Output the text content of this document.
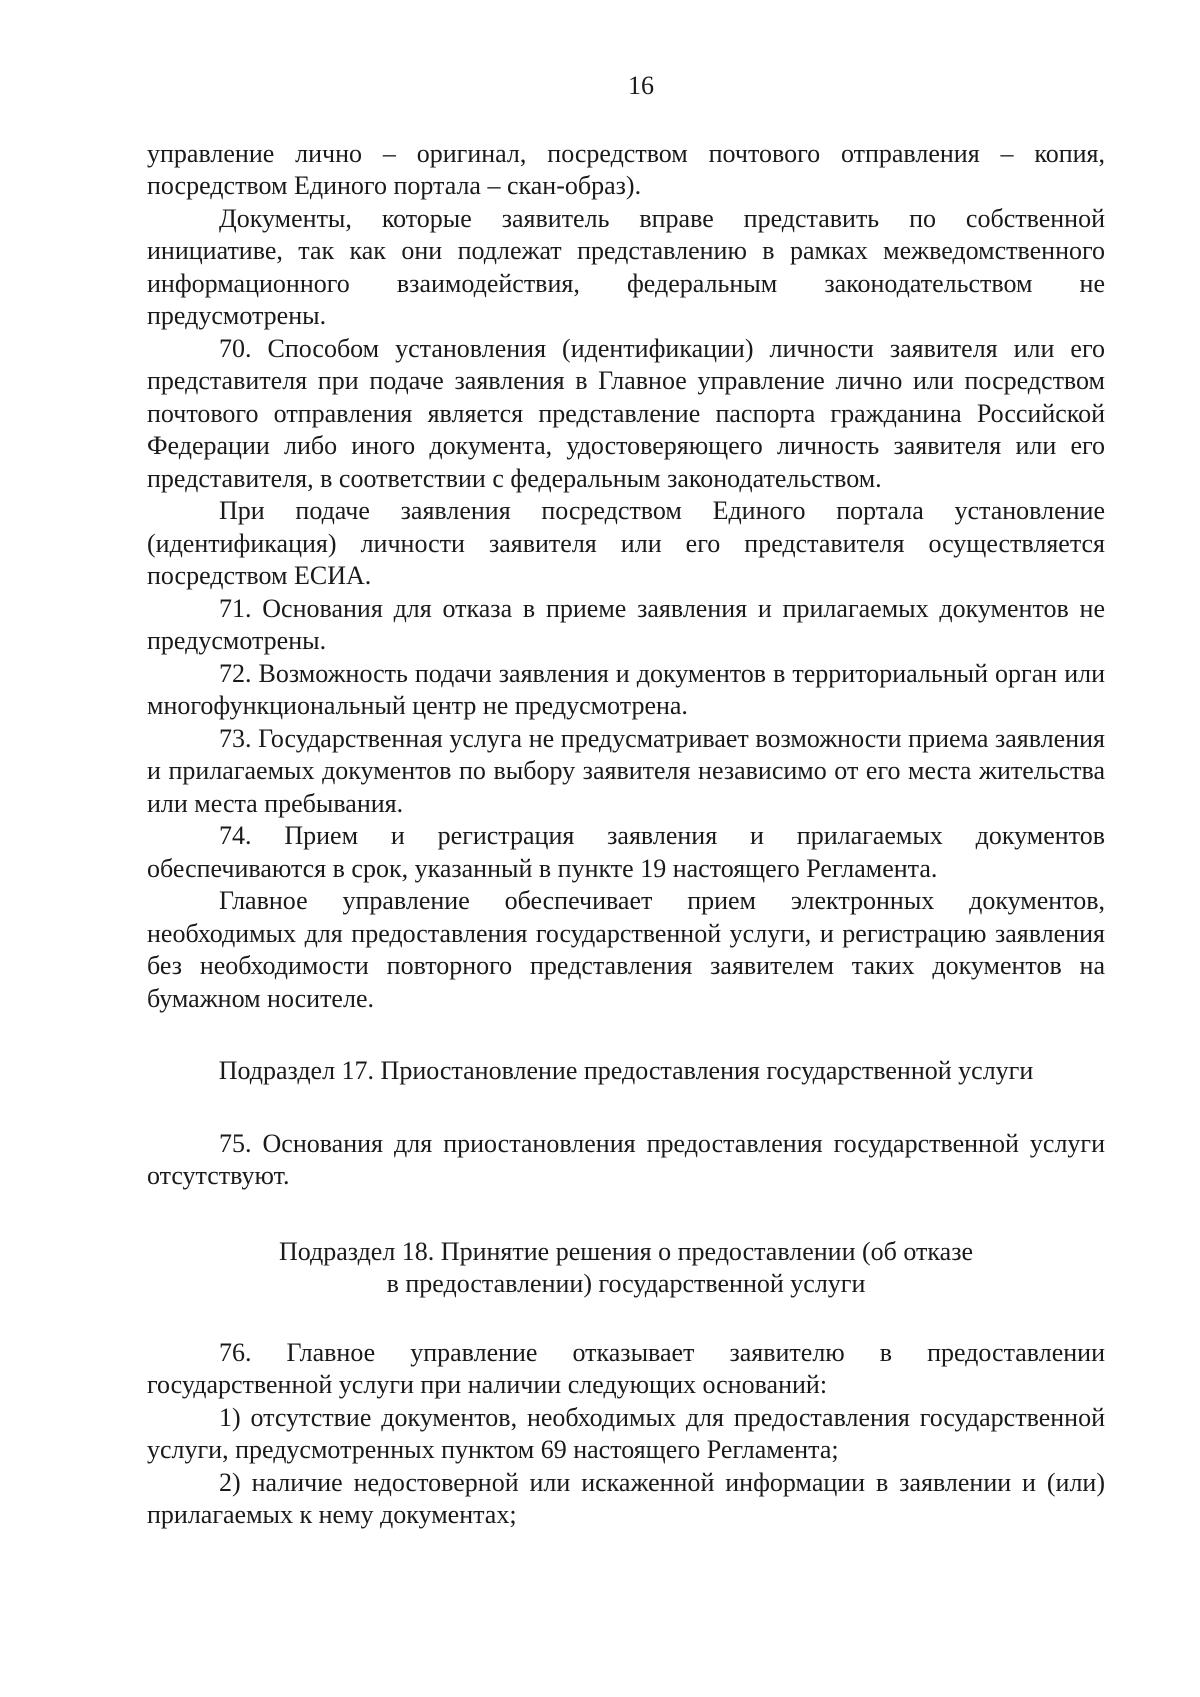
16

управление лично – оригинал, посредством почтового отправления – копия, посредством Единого портала – скан-образ).

Документы, которые заявитель вправе представить по собственной инициативе, так как они подлежат представлению в рамках межведомственного информационного взаимодействия, федеральным законодательством не предусмотрены.

70. Способом установления (идентификации) личности заявителя или его представителя при подаче заявления в Главное управление лично или посредством почтового отправления является представление паспорта гражданина Российской Федерации либо иного документа, удостоверяющего личность заявителя или его представителя, в соответствии с федеральным законодательством.

При подаче заявления посредством Единого портала установление (идентификация) личности заявителя или его представителя осуществляется посредством ЕСИА.

71. Основания для отказа в приеме заявления и прилагаемых документов не предусмотрены.

72. Возможность подачи заявления и документов в территориальный орган или многофункциональный центр не предусмотрена.

73. Государственная услуга не предусматривает возможности приема заявления и прилагаемых документов по выбору заявителя независимо от его места жительства или места пребывания.

74. Прием и регистрация заявления и прилагаемых документов обеспечиваются в срок, указанный в пункте 19 настоящего Регламента.

Главное управление обеспечивает прием электронных документов, необходимых для предоставления государственной услуги, и регистрацию заявления без необходимости повторного представления заявителем таких документов на бумажном носителе.

Подраздел 17. Приостановление предоставления государственной услуги

75. Основания для приостановления предоставления государственной услуги отсутствуют.

Подраздел 18. Принятие решения о предоставлении (об отказе
в предоставлении) государственной услуги

76. Главное управление отказывает заявителю в предоставлении государственной услуги при наличии следующих оснований:

1) отсутствие документов, необходимых для предоставления государственной услуги, предусмотренных пунктом 69 настоящего Регламента;

2) наличие недостоверной или искаженной информации в заявлении и (или) прилагаемых к нему документах;
